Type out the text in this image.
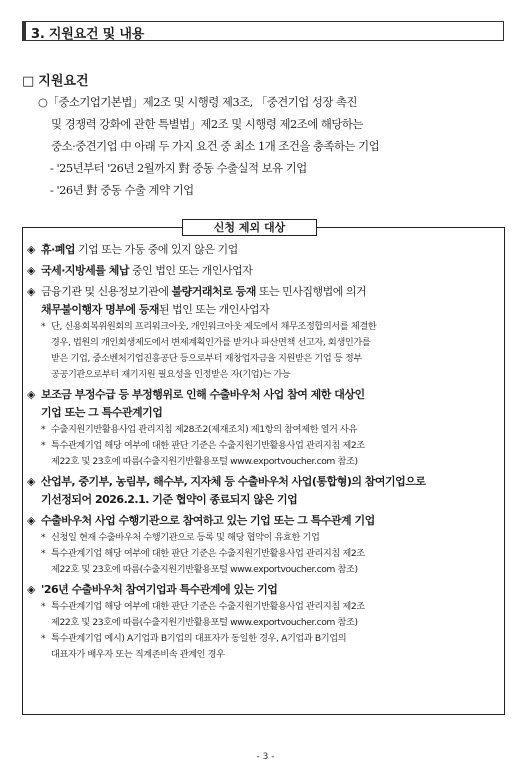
3. 지원요건 및 내용
□ 지원요건

○「중소기업기본법」제2조 및 시행령 제3조, 「중견기업 성장 촉진

및 경쟁력 강화에 관한 특별법」제2조 및 시행령 제2조에 해당하는

중소·중견기업 中 아래 두 가지 요건 중 최소 1개 조건을 충족하는 기업

- '25년부터 '26년 2월까지 對 중동 수출실적 보유 기업

- '26년 對 중동 수출 계약 기업

신청 제외 대상
◈ 휴·폐업 기업 또는 가동 중에 있지 않은 기업
◈ 국세·지방세를 체납 중인 법인 또는 개인사업자
◈ 금융기관 및 신용정보기관에 불량거래처로 등재 또는 민사집행법에 의거
채무불이행자 명부에 등재된 법인 또는 개인사업자
* 단, 신용회복위원회의 프리워크아웃, 개인워크아웃 제도에서 채무조정합의서를 체결한
경우, 법원의 개인회생제도에서 변제계획인가를 받거나 파산면책 선고자, 회생인가를
받은 기업, 중소벤처기업진흥공단 등으로부터 재창업자금을 지원받은 기업 등 정부
공공기관으로부터 재기지원 필요성을 인정받은 자(기업)는 가능
◈ 보조금 부정수급 등 부정행위로 인해 수출바우처 사업 참여 제한 대상인
기업 또는 그 특수관계기업
* 수출지원기반활용사업 관리지침 제28조2(제재조치) 제1항의 참여제한 열거 사유
* 특수관계기업 해당 여부에 대한 판단 기준은 수출지원기반활용사업 관리지침 제2조
제22호 및 23호에 따름(수출지원기반활용포털 www.exportvoucher.com 참조)
◈ 산업부, 중기부, 농림부, 해수부, 지자체 등 수출바우처 사업(통합형)의 참여기업으로
기선정되어 2026.2.1. 기준 협약이 종료되지 않은 기업
◈ 수출바우처 사업 수행기관으로 참여하고 있는 기업 또는 그 특수관계 기업
* 신청일 현재 수출바우처 수행기관으로 등록 및 해당 협약이 유효한 기업
* 특수관계기업 해당 여부에 대한 판단 기준은 수출지원기반활용사업 관리지침 제2조
제22호 및 23호에 따름(수출지원기반활용포털 www.exportvoucher.com 참조)
◈ '26년 수출바우처 참여기업과 특수관계에 있는 기업
* 특수관계기업 해당 여부에 대한 판단 기준은 수출지원기반활용사업 관리지침 제2조
제22호 및 23호에 따름(수출지원기반활용포털 www.exportvoucher.com 참조)
* 특수관계기업 예시) A기업과 B기업의 대표자가 동일한 경우, A기업과 B기업의
대표자가 배우자 또는 직계존비속 관계인 경우
- 3 -
